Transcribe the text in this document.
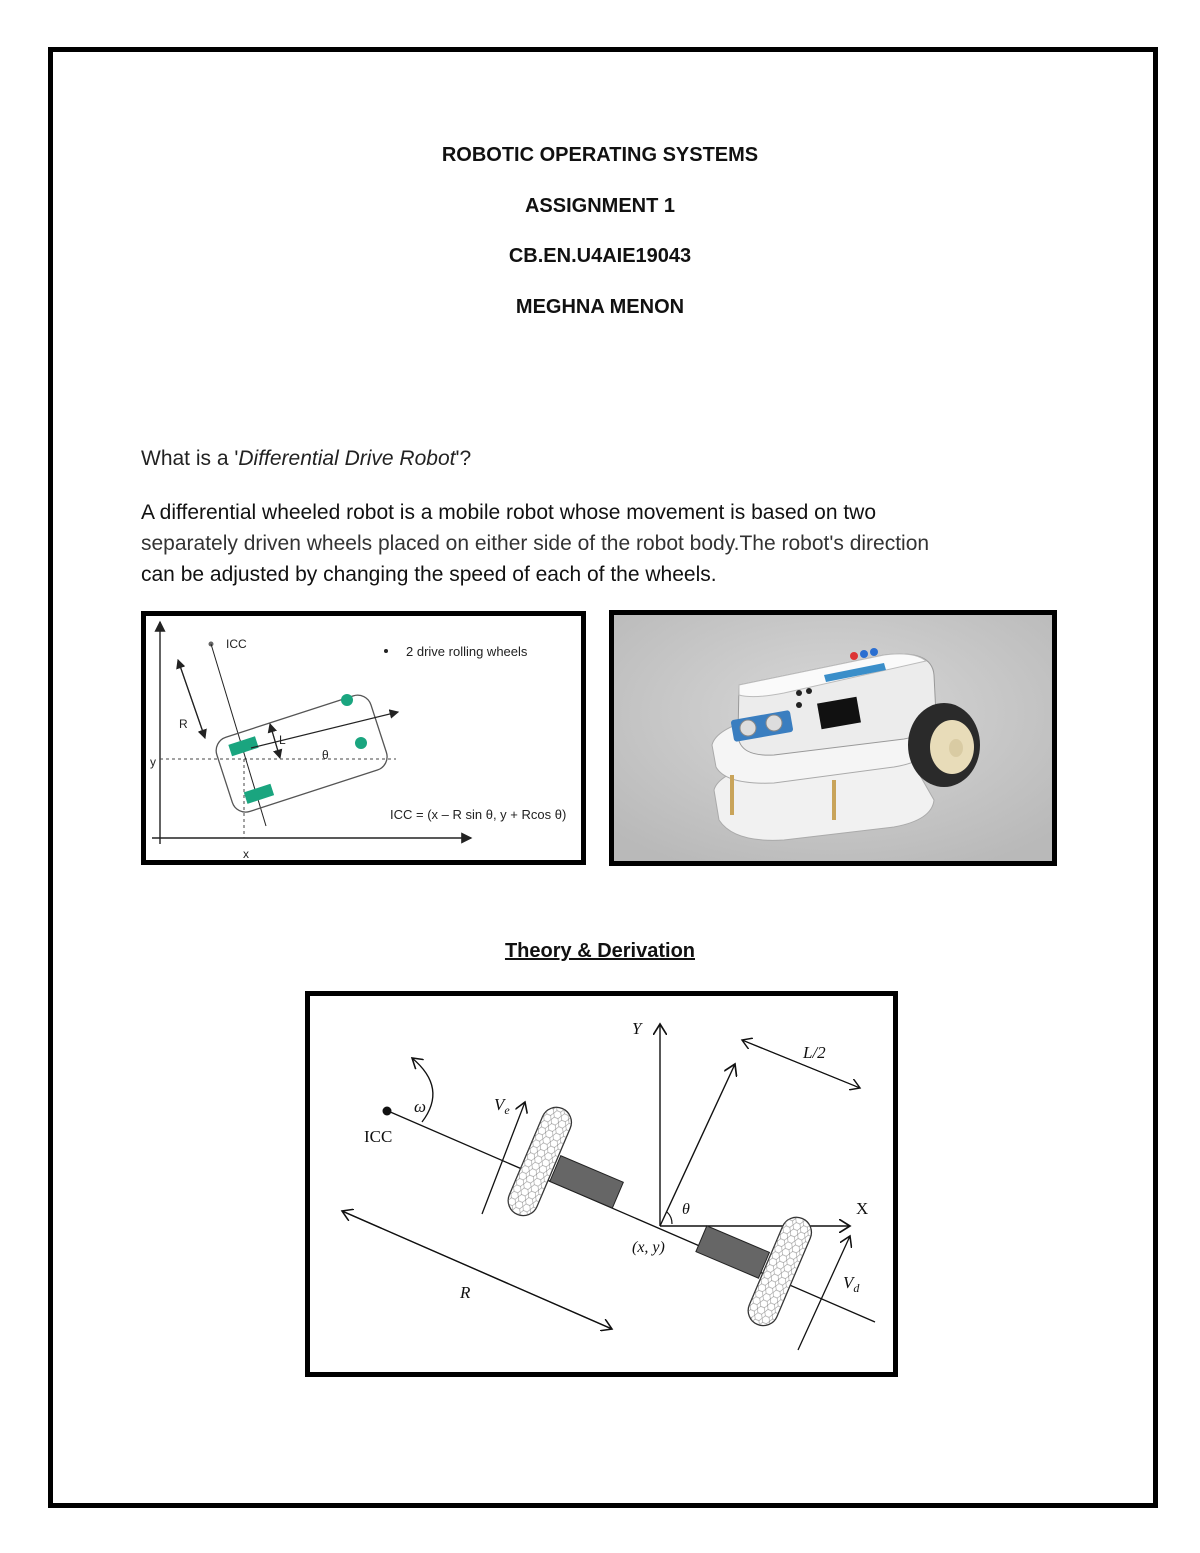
ROBOTIC OPERATING SYSTEMS
ASSIGNMENT 1
CB.EN.U4AIE19043
MEGHNA MENON
What is a 'Differential Drive Robot'?
A differential wheeled robot is a mobile robot whose movement is based on two
separately driven wheels placed on either side of the robot body.The robot's direction
can be adjusted by changing the speed of each of the wheels.
ICC
R
L
θ
y
x
2 drive rolling wheels
ICC = (x – R sin θ, y + Rcos θ)
Theory & Derivation
Y
X
θ
L/2
ICC
ω	$V_e$
$V_d$
(x, y)
R
